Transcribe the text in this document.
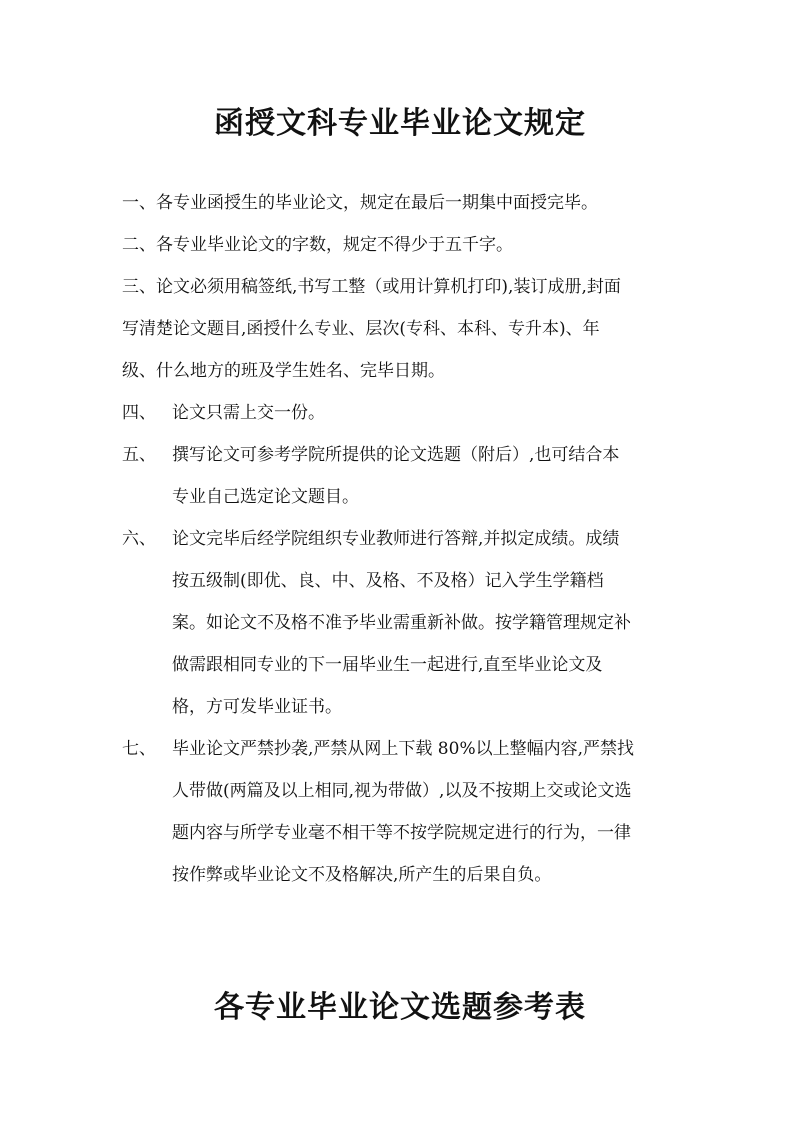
函授文科专业毕业论文规定
一、各专业函授生的毕业论文，规定在最后一期集中面授完毕。
二、各专业毕业论文的字数，规定不得少于五千字。
三、论文必须用稿签纸,书写工整（或用计算机打印),装订成册,封面
写清楚论文题目,函授什么专业、层次(专科、本科、专升本)、年
级、什么地方的班及学生姓名、完毕日期。
四、 论文只需上交一份。
五、 撰写论文可参考学院所提供的论文选题（附后）,也可结合本
专业自己选定论文题目。
六、 论文完毕后经学院组织专业教师进行答辩,并拟定成绩。成绩
按五级制(即优、良、中、及格、不及格）记入学生学籍档
案。如论文不及格不准予毕业需重新补做。按学籍管理规定补
做需跟相同专业的下一届毕业生一起进行,直至毕业论文及
格，方可发毕业证书。
七、 毕业论文严禁抄袭,严禁从网上下载 80%以上整幅内容,严禁找
人带做(两篇及以上相同,视为带做）,以及不按期上交或论文选
题内容与所学专业毫不相干等不按学院规定进行的行为，一律
按作弊或毕业论文不及格解决,所产生的后果自负。
各专业毕业论文选题参考表
